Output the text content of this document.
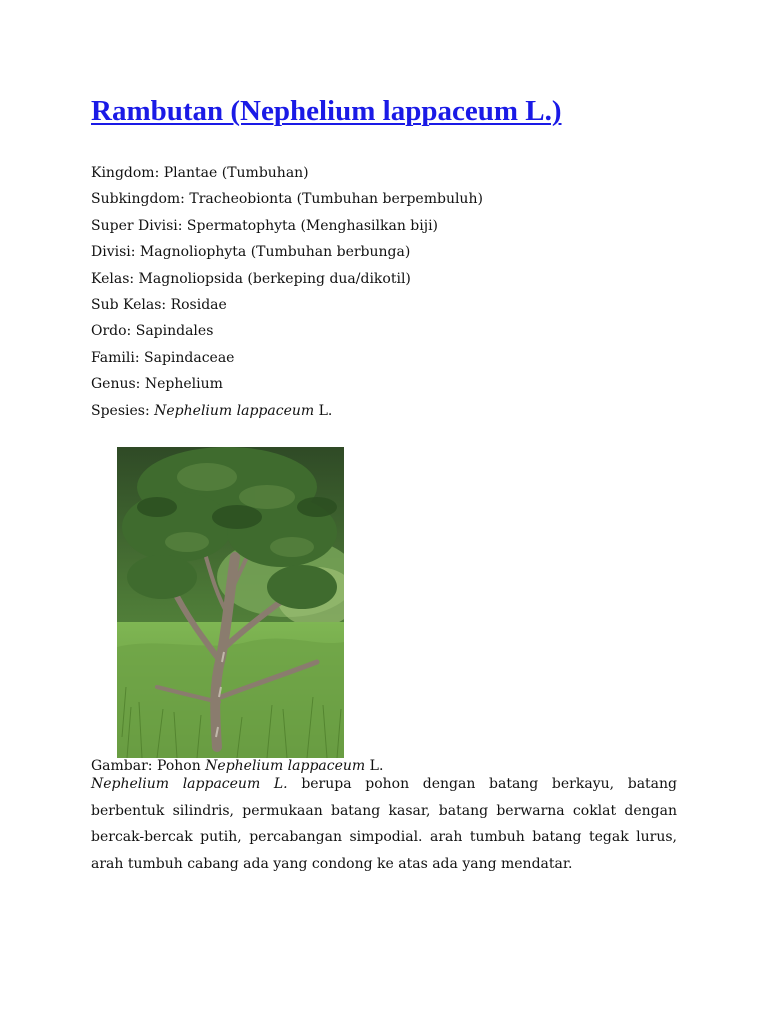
Rambutan (Nephelium lappaceum L.)
Kingdom: Plantae (Tumbuhan)
Subkingdom: Tracheobionta (Tumbuhan berpembuluh)
Super Divisi: Spermatophyta (Menghasilkan biji)
Divisi: Magnoliophyta (Tumbuhan berbunga)
Kelas: Magnoliopsida (berkeping dua/dikotil)
Sub Kelas: Rosidae
Ordo: Sapindales
Famili: Sapindaceae
Genus: Nephelium
Spesies: Nephelium lappaceum L.
Gambar: Pohon Nephelium lappaceum L.

Nephelium lappaceum L. berupa pohon dengan batang berkayu, batang berbentuk silindris, permukaan batang kasar, batang berwarna coklat dengan bercak-bercak putih, percabangan simpodial. arah tumbuh batang tegak lurus, arah tumbuh cabang ada yang condong ke atas ada yang mendatar.
